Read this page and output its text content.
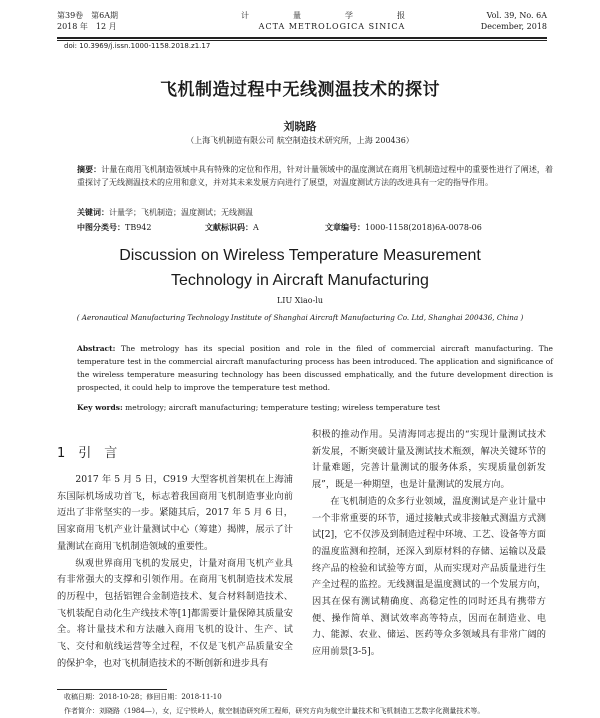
第39卷　第6A期
2018 年　12 月
计　量　学　报
ACTA METROLOGICA SINICA
Vol. 39, No. 6A
December, 2018
doi: 10.3969/j.issn.1000-1158.2018.z1.17
飞机制造过程中无线测温技术的探讨
刘晓路
（上海飞机制造有限公司 航空制造技术研究所，上海 200436）
摘要：计量在商用飞机制造领域中具有特殊的定位和作用，针对计量领域中的温度测试在商用飞机制造过程中的重要性进行了阐述，着重探讨了无线测温技术的应用和意义，并对其未来发展方向进行了展望，对温度测试方法的改进具有一定的指导作用。
关键词：计量学；飞机制造；温度测试；无线测温
中图分类号：TB942	文献标识码：A	文章编号：1000-1158(2018)6A-0078-06
Discussion on Wireless Temperature Measurement
Technology in Aircraft Manufacturing
LIU Xiao-lu
( Aeronautical Manufacturing Technology Institute of Shanghai Aircraft Manufacturing Co. Ltd, Shanghai 200436, China )
Abstract: The metrology has its special position and role in the filed of commercial aircraft manufacturing. The temperature test in the commercial aircraft manufacturing process has been introduced. The application and significance of the wireless temperature measuring technology has been discussed emphatically, and the future development direction is prospected, it could help to improve the temperature test method.
Key words: metrology; aircraft manufacturing; temperature testing; wireless temperature test
1　引　言

2017 年 5 月 5 日，C919 大型客机首架机在上海浦东国际机场成功首飞，标志着我国商用飞机制造事业向前迈出了非常坚实的一步。紧随其后，2017 年 5 月 6 日，国家商用飞机产业计量测试中心（筹建）揭牌，展示了计量测试在商用飞机制造领域的重要性。

纵观世界商用飞机的发展史，计量对商用飞机产业具有非常强大的支撑和引领作用。在商用飞机制造技术发展的历程中，包括铝锂合金制造技术、复合材料制造技术、飞机装配自动化生产线技术等[1]都需要计量保障其质量安全。将计量技术和方法融入商用飞机的设计、生产、试飞、交付和航线运营等全过程，不仅是飞机产品质量安全的保护伞，也对飞机制造技术的不断创新和进步具有

积极的推动作用。吴清海同志提出的“实现计量测试技术新发展，不断突破计量及测试技术瓶颈，解决关键环节的计量难题，完善计量测试的服务体系，实现质量创新发展”，既是一种期望，也是计量测试的发展方向。

在飞机制造的众多行业领域，温度测试是产业计量中一个非常重要的环节，通过接触式或非接触式测温方式测试[2]，它不仅涉及到制造过程中环境、工艺、设备等方面的温度监测和控制，还深入到原材料的存储、运输以及最终产品的检验和试验等方面，从而实现对产品质量进行生产全过程的监控。无线测温是温度测试的一个发展方向，因其在保有测试精确度、高稳定性的同时还具有携带方便、操作简单、测试效率高等特点，因而在制造业、电力、能源、农业、储运、医药等众多领域具有非常广阔的应用前景[3-5]。

收稿日期：2018-10-28；修回日期：2018-11-10
作者简介：刘晓路（1984—），女，辽宁铁岭人，航空制造研究所工程师，研究方向为航空计量技术和飞机制造工艺数字化测量技术等。
